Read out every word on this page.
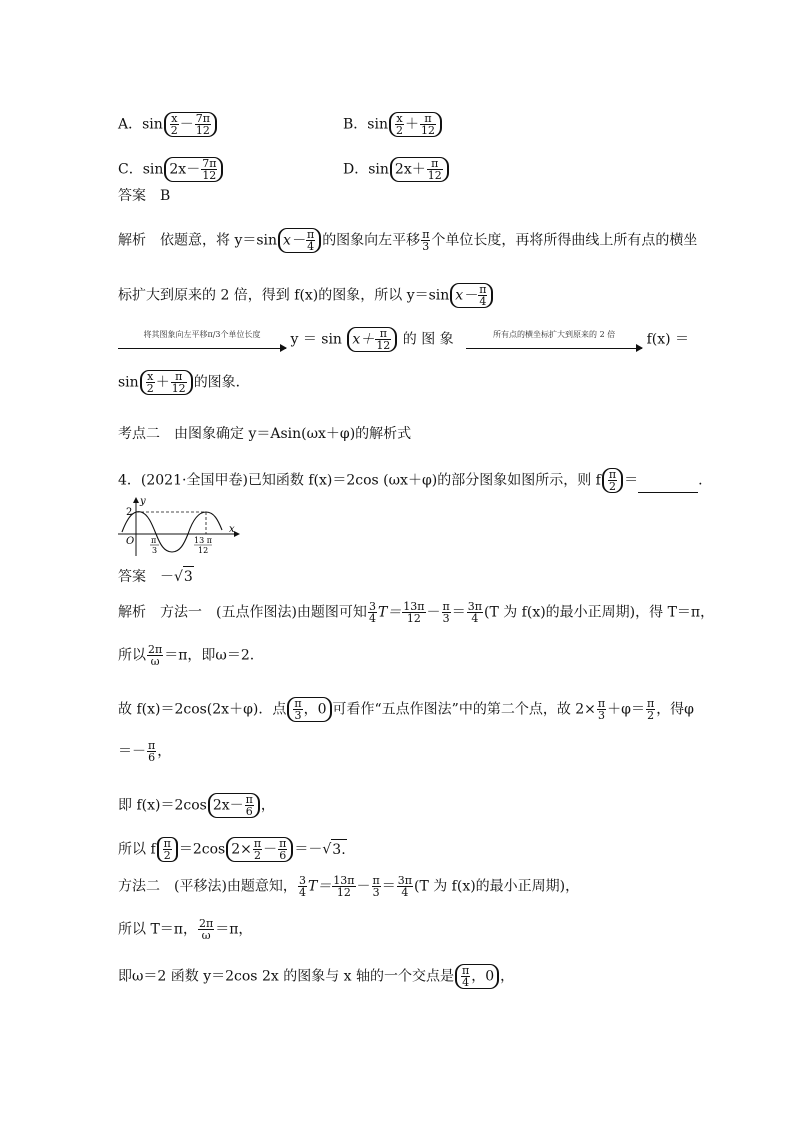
A．$\sin \frac{x}{2} - \frac{7\pi}{12}$	B．$\sin \frac{x}{2} + \frac{\pi}{12}$
C．$\sin 2x- \frac{7\pi}{12}$	D．$\sin 2x+ \frac{\pi}{12}$
答案　B
解析　依题意，将 y＝sin $x- \frac{\pi}{4}$ 的图象向左平移 $\frac{\pi}{3}$ 个单位长度，再将所得曲线上所有点的横坐
标扩大到原来的 2 倍，得到 f(x)的图象，所以 y＝sin $x- \frac{\pi}{4}$
将其图象向左平移π/3个单位长度 $y = \sin x+ \frac{\pi}{12}$ 的 图 象	所有点的横坐标扩大到原来的 2 倍 f(x) ＝
$\sin \frac{x}{2} + \frac{\pi}{12}$ 的图象．
考点二　由图象确定 y＝Asin(ωx＋φ)的解析式
4．(2021·全国甲卷)已知函数 f(x)＝2cos (ωx＋φ)的部分图象如图所示，则 f $\frac{\pi}{2}$ ＝	.
y
x
O
2
π
3
13 π
12
答案　－√3
解析　方法一　(五点作图法)由题图可知 $\frac{3}{4} T= \frac{13\pi}{12} - \frac{\pi}{3} = \frac{3\pi}{4} (T$ 为 f(x)的最小正周期)，得 T＝π，
所以 $\frac{2\pi}{\omega} =\pi$，即ω＝2.
故 f(x)＝2cos(2x＋φ)．点 $\frac{\pi}{3}$ ，0 可看作“五点作图法”中的第二个点，故 $2\times \frac{\pi}{3} +\varphi= \frac{\pi}{2}$ ，得φ
＝－ $\frac{\pi}{6}$ ，
即 f(x)＝2cos $2x- \frac{\pi}{6}$ ，
所以 f $\frac{\pi}{2} =2\cos$ $2\times \frac{\pi}{2} - \frac{\pi}{6} =-√3$.
方法二　(平移法)由题意知， $\frac{3}{4} T= \frac{13\pi}{12} - \frac{\pi}{3} = \frac{3\pi}{4} (T$ 为 f(x)的最小正周期)，
所以 T＝π， $\frac{2\pi}{\omega} =\pi$，
即ω＝2 函数 y＝2cos 2x 的图象与 x 轴的一个交点是 $\frac{\pi}{4}$ ，0 ，
